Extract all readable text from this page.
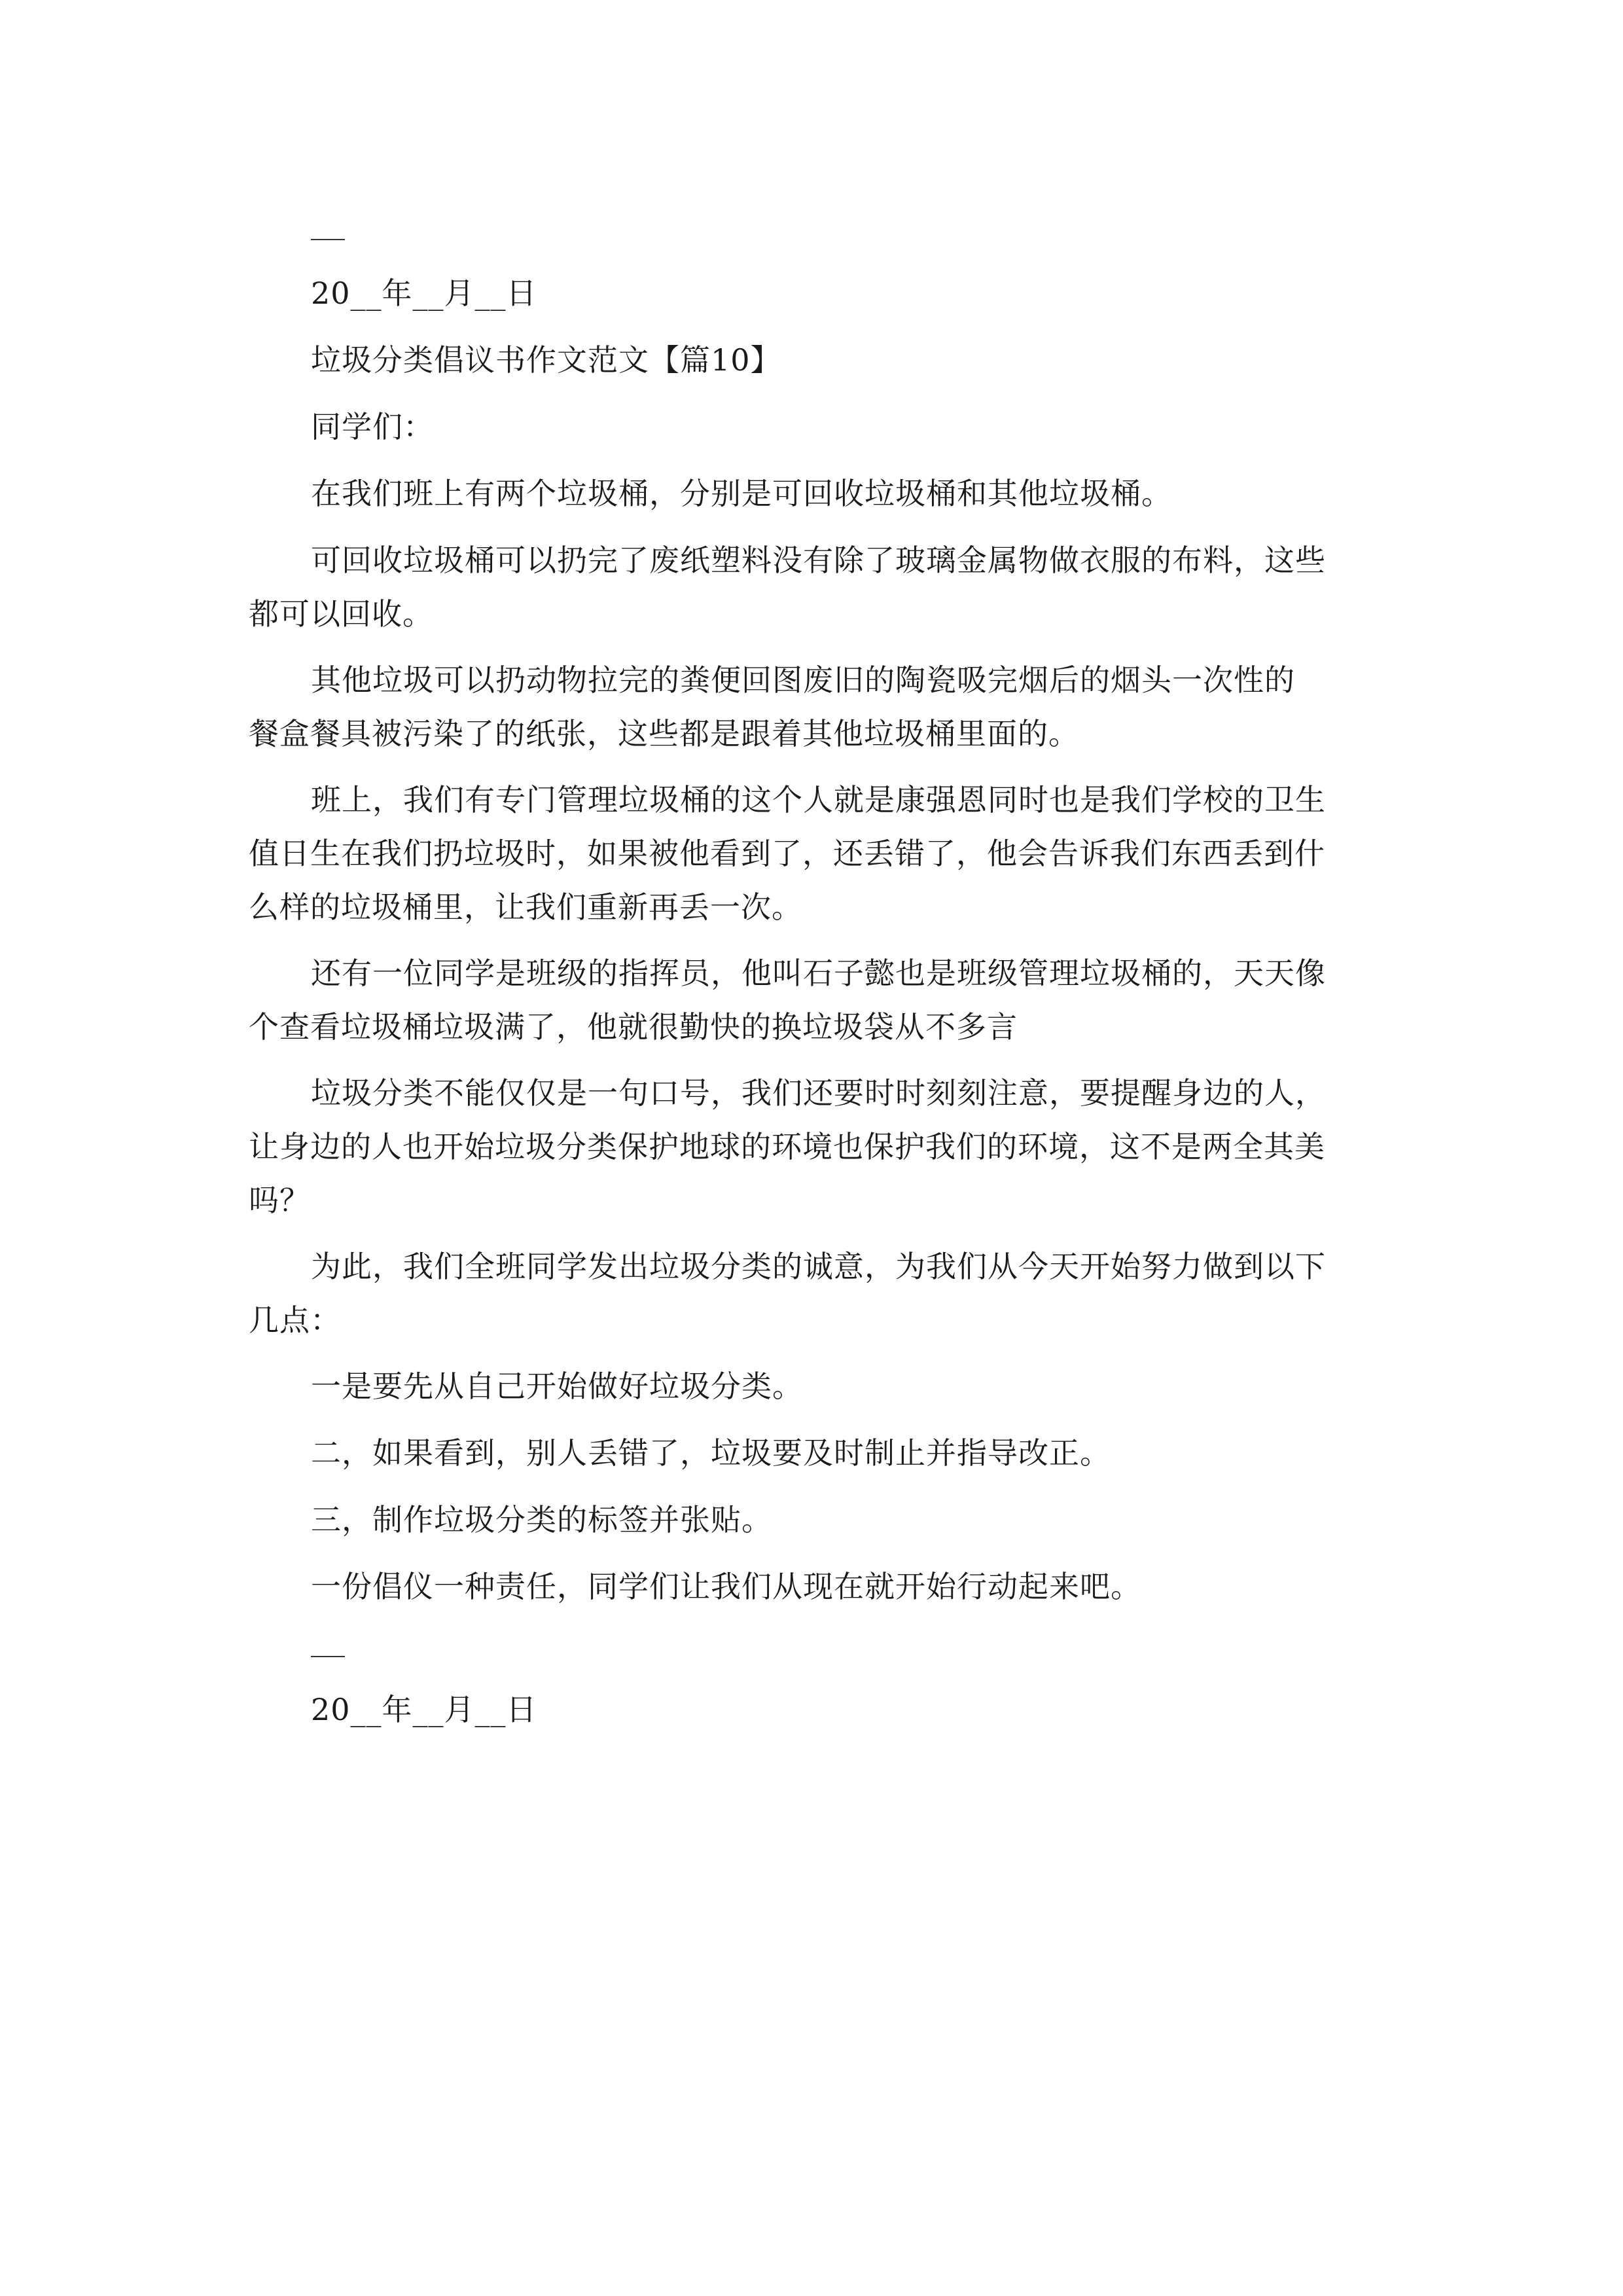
20__年__月__日
垃圾分类倡议书作文范文【篇10】
同学们：
在我们班上有两个垃圾桶，分别是可回收垃圾桶和其他垃圾桶。
可回收垃圾桶可以扔完了废纸塑料没有除了玻璃金属物做衣服的布料，这些
都可以回收。
其他垃圾可以扔动物拉完的粪便回图废旧的陶瓷吸完烟后的烟头一次性的
餐盒餐具被污染了的纸张，这些都是跟着其他垃圾桶里面的。
班上，我们有专门管理垃圾桶的这个人就是康强恩同时也是我们学校的卫生
值日生在我们扔垃圾时，如果被他看到了，还丢错了，他会告诉我们东西丢到什
么样的垃圾桶里，让我们重新再丢一次。
还有一位同学是班级的指挥员，他叫石子懿也是班级管理垃圾桶的，天天像
个查看垃圾桶垃圾满了，他就很勤快的换垃圾袋从不多言
垃圾分类不能仅仅是一句口号，我们还要时时刻刻注意，要提醒身边的人，
让身边的人也开始垃圾分类保护地球的环境也保护我们的环境，这不是两全其美
吗？
为此，我们全班同学发出垃圾分类的诚意，为我们从今天开始努力做到以下
几点：
一是要先从自己开始做好垃圾分类。
二，如果看到，别人丢错了，垃圾要及时制止并指导改正。
三，制作垃圾分类的标签并张贴。
一份倡仪一种责任，同学们让我们从现在就开始行动起来吧。
20__年__月__日
